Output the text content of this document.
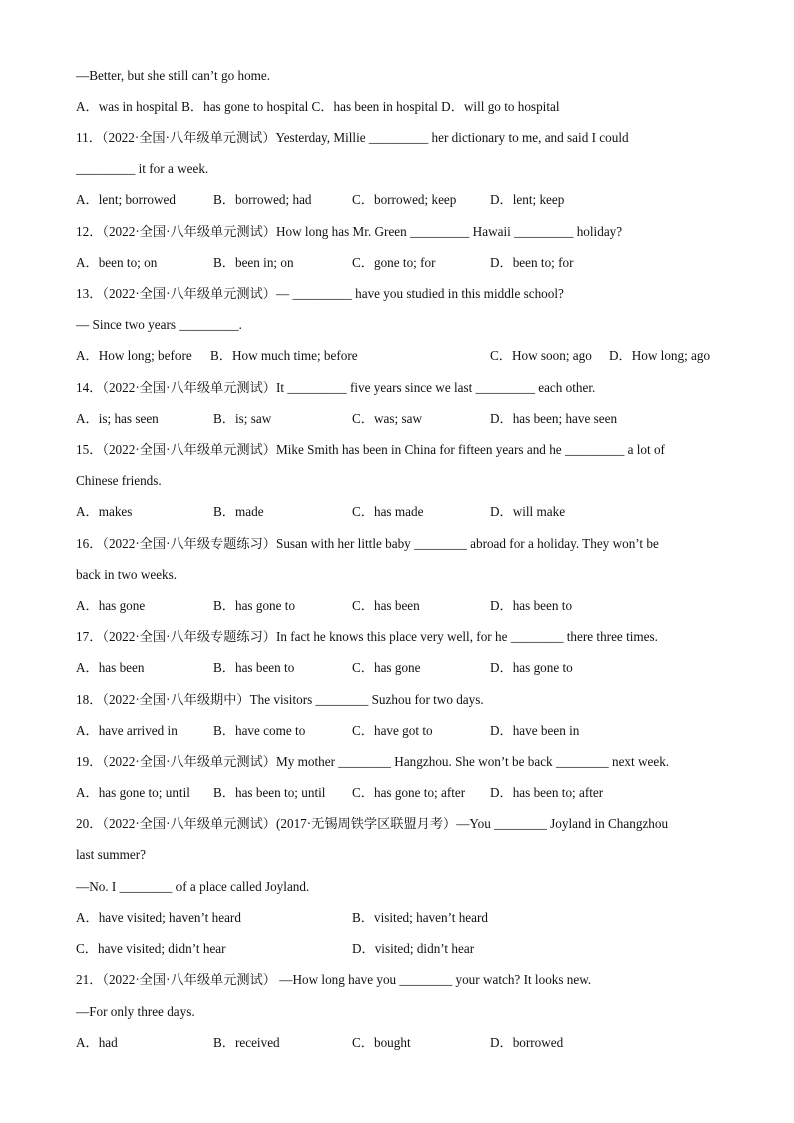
—Better, but she still can’t go home.
A．was in hospital B．has gone to hospital C．has been in hospital D．will go to hospital
11．（2022·全国·八年级单元测试）Yesterday, Millie _________ her dictionary to me, and said I could
_________ it for a week.
A．lent; borrowed	B．borrowed; had	C．borrowed; keep	D．lent; keep
12．（2022·全国·八年级单元测试）How long has Mr. Green _________ Hawaii _________ holiday?
A．been to; on	B．been in; on	C．gone to; for	D．been to; for
13．（2022·全国·八年级单元测试）— _________ have you studied in this middle school?
— Since two years _________.
A．How long; before B．How much time; before	C．How soon; ago D．How long; ago
14．（2022·全国·八年级单元测试）It _________ five years since we last _________ each other.
A．is; has seen	B．is; saw	C．was; saw	D．has been; have seen
15．（2022·全国·八年级单元测试）Mike Smith has been in China for fifteen years and he _________ a lot of
Chinese friends.
A．makes	B．made	C．has made	D．will make
16．（2022·全国·八年级专题练习）Susan with her little baby ________ abroad for a holiday. They won’t be
back in two weeks.
A．has gone	B．has gone to	C．has been	D．has been to
17．（2022·全国·八年级专题练习）In fact he knows this place very well, for he ________ there three times.
A．has been	B．has been to	C．has gone	D．has gone to
18．（2022·全国·八年级期中）The visitors ________ Suzhou for two days.
A．have arrived in	B．have come to	C．have got to	D．have been in
19．（2022·全国·八年级单元测试）My mother ________ Hangzhou. She won’t be back ________ next week.
A．has gone to; until B．has been to; until C．has gone to; after D．has been to; after
20．（2022·全国·八年级单元测试）(2017·无锡周铁学区联盟月考）—You ________ Joyland in Changzhou
last summer?
—No. I ________ of a place called Joyland.
A．have visited; haven’t heard	B．visited; haven’t heard
C．have visited; didn’t hear	D．visited; didn’t hear
21．（2022·全国·八年级单元测试） —How long have you ________ your watch? It looks new.
—For only three days.
A．had	B．received	C．bought	D．borrowed
